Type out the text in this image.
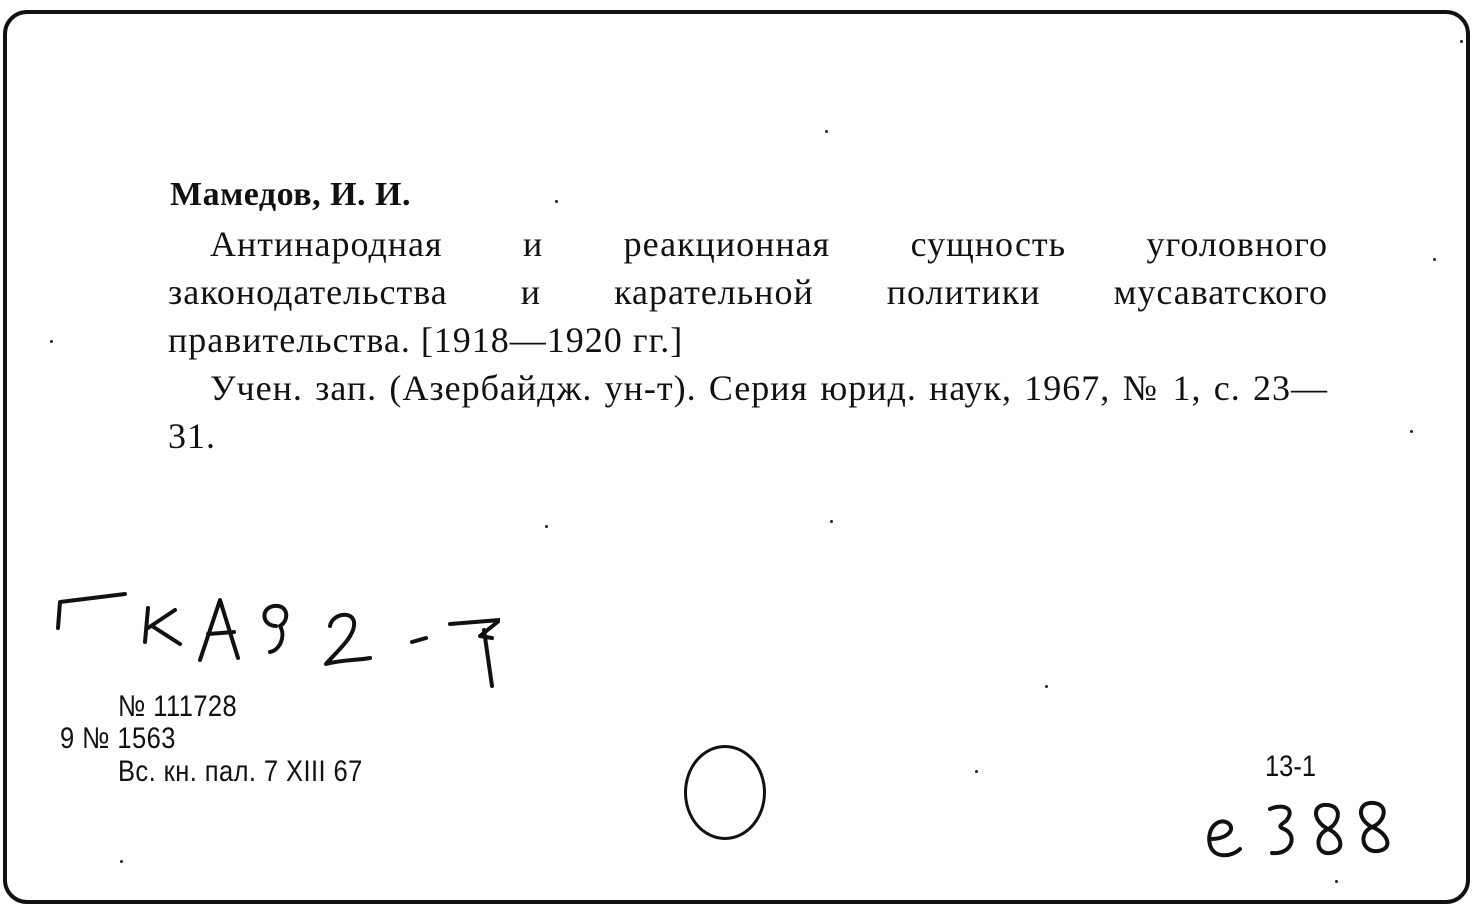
Мамедов, И. И.

Антинародная и реакционная сущность уголовного законодательства и карательной политики мусаватского правительства. [1918—1920 гг.]

Учен. зап. (Азербайдж. ун-т). Серия юрид. наук, 1967, № 1, с. 23—31.

ГКА92-7
№ 111728
9 № 1563
Вс. кн. пал. 7 XIII 67	13-1
e 388
